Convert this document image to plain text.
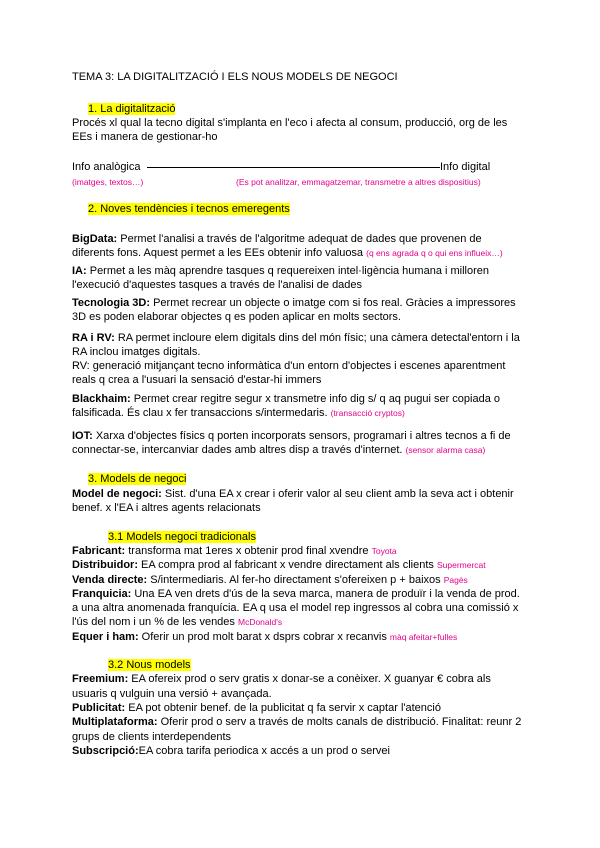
TEMA 3: LA DIGITALITZACIÓ I ELS NOUS MODELS DE NEGOCI
1. La digitalització
Procés xl qual la tecno digital s'implanta en l'eco i afecta al consum, producció, org de les
EEs i manera de gestionar-ho
Info analògica	Info digital
(imatges, textos…)	(Es pot analitzar, emmagatzemar, transmetre a altres dispositius)
2. Noves tendències i tecnos emeregents
BigData: Permet l'analisi a través de l'algoritme adequat de dades que provenen de
diferents fons. Aquest permet a les EEs obtenir info valuosa (q ens agrada q o qui ens influeix…)
IA: Permet a les màq aprendre tasques q requereixen intel·ligència humana i milloren
l'execució d'aquestes tasques a través de l'analisi de dades
Tecnologia 3D: Permet recrear un objecte o imatge com si fos real. Gràcies a impressores
3D es poden elaborar objectes q es poden aplicar en molts sectors.
RA i RV: RA permet incloure elem digitals dins del món físic; una càmera detectal'entorn i la
RA inclou imatges digitals.
RV: generació mitjançant tecno informàtica d'un entorn d'objectes i escenes aparentment
reals q crea a l'usuari la sensació d'estar-hi immers
Blackhaim: Permet crear regitre segur x transmetre info dig s/ q aq pugui ser copiada o
falsificada. És clau x fer transaccions s/intermedaris. (transacció cryptos)
IOT: Xarxa d'objectes físics q porten incorporats sensors, programari i altres tecnos a fi de
connectar-se, intercanviar dades amb altres disp a través d'internet. (sensor alarma casa)
3. Models de negoci
Model de negoci: Sist. d'una EA x crear i oferir valor al seu client amb la seva act i obtenir
benef. x l'EA i altres agents relacionats
3.1 Models negoci tradicionals
Fabricant: transforma mat 1eres x obtenir prod final xvendre Toyota
Distribuidor: EA compra prod al fabricant x vendre directament als clients Supermercat
Venda directe: S/intermediaris. Al fer-ho directament s'ofereixen p + baixos Pagès
Franquicia: Una EA ven drets d'ús de la seva marca, manera de produïr i la venda de prod.
a una altra anomenada franquícia. EA q usa el model rep ingressos al cobra una comissió x
l'ús del nom i un % de les vendes McDonald's
Equer i ham: Oferir un prod molt barat x dsprs cobrar x recanvis màq afeitar+fulles
3.2 Nous models
Freemium: EA ofereix prod o serv gratis x donar-se a conèixer. X guanyar € cobra als
usuaris q vulguin una versió + avançada.
Publicitat: EA pot obtenir benef. de la publicitat q fa servir x captar l'atenció
Multiplataforma: Oferir prod o serv a través de molts canals de distribució. Finalitat: reunr 2
grups de clients interdependents
Subscripció:EA cobra tarifa periodica x accés a un prod o servei
